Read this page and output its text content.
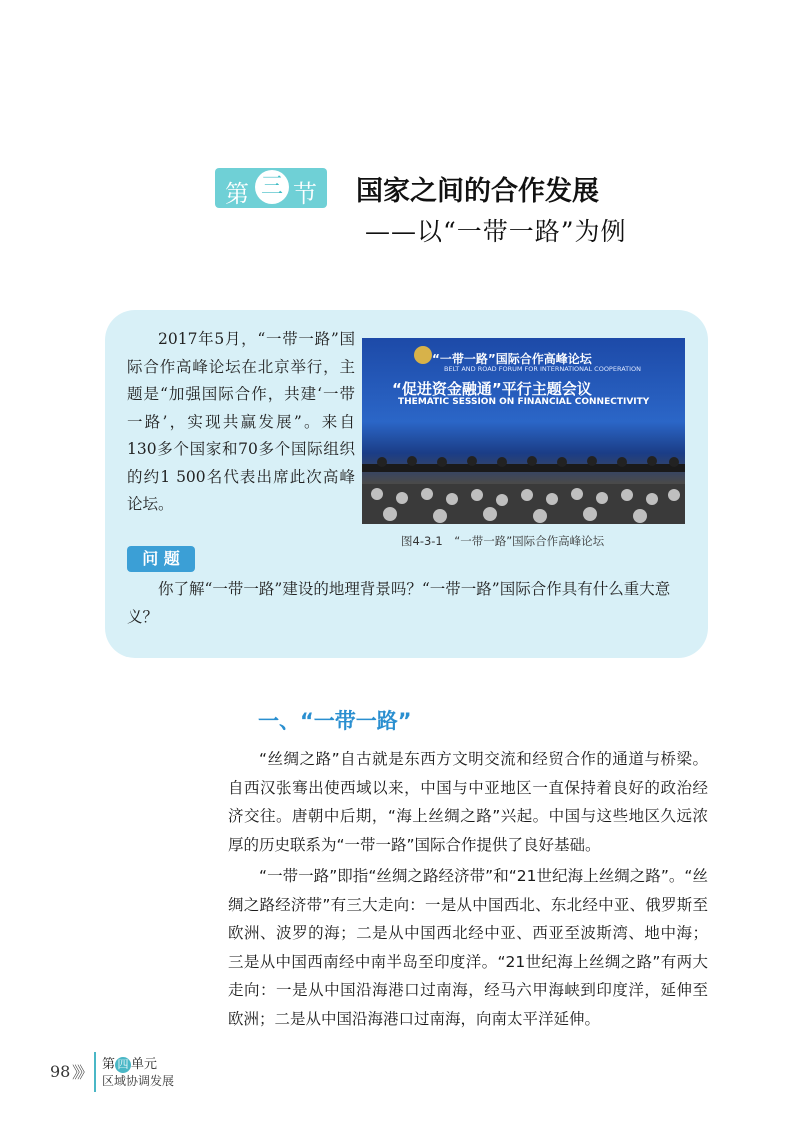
第 三 节 国家之间的合作发展
——以“一带一路”为例
2017年5月，“一带一路”国际合作高峰论坛在北京举行，主题是“加强国际合作，共建‘一带一路’，实现共赢发展”。来自130多个国家和70多个国际组织的约1 500名代表出席此次高峰论坛。
“一带一路”国际合作高峰论坛
BELT AND ROAD FORUM FOR INTERNATIONAL COOPERATION
“促进资金融通”平行主题会议
THEMATIC SESSION ON FINANCIAL CONNECTIVITY
图4-3-1　“一带一路”国际合作高峰论坛
问 题
你了解“一带一路”建设的地理背景吗？“一带一路”国际合作具有什么重大意义？
一、“一带一路”

“丝绸之路”自古就是东西方文明交流和经贸合作的通道与桥梁。自西汉张骞出使西域以来，中国与中亚地区一直保持着良好的政治经济交往。唐朝中后期，“海上丝绸之路”兴起。中国与这些地区久远浓厚的历史联系为“一带一路”国际合作提供了良好基础。

“一带一路”即指“丝绸之路经济带”和“21世纪海上丝绸之路”。“丝绸之路经济带”有三大走向：一是从中国西北、东北经中亚、俄罗斯至欧洲、波罗的海；二是从中国西北经中亚、西亚至波斯湾、地中海；三是从中国西南经中南半岛至印度洋。“21世纪海上丝绸之路”有两大走向：一是从中国沿海港口过南海，经马六甲海峡到印度洋，延伸至欧洲；二是从中国沿海港口过南海，向南太平洋延伸。

98 》》 第 四 单元
区域协调发展
